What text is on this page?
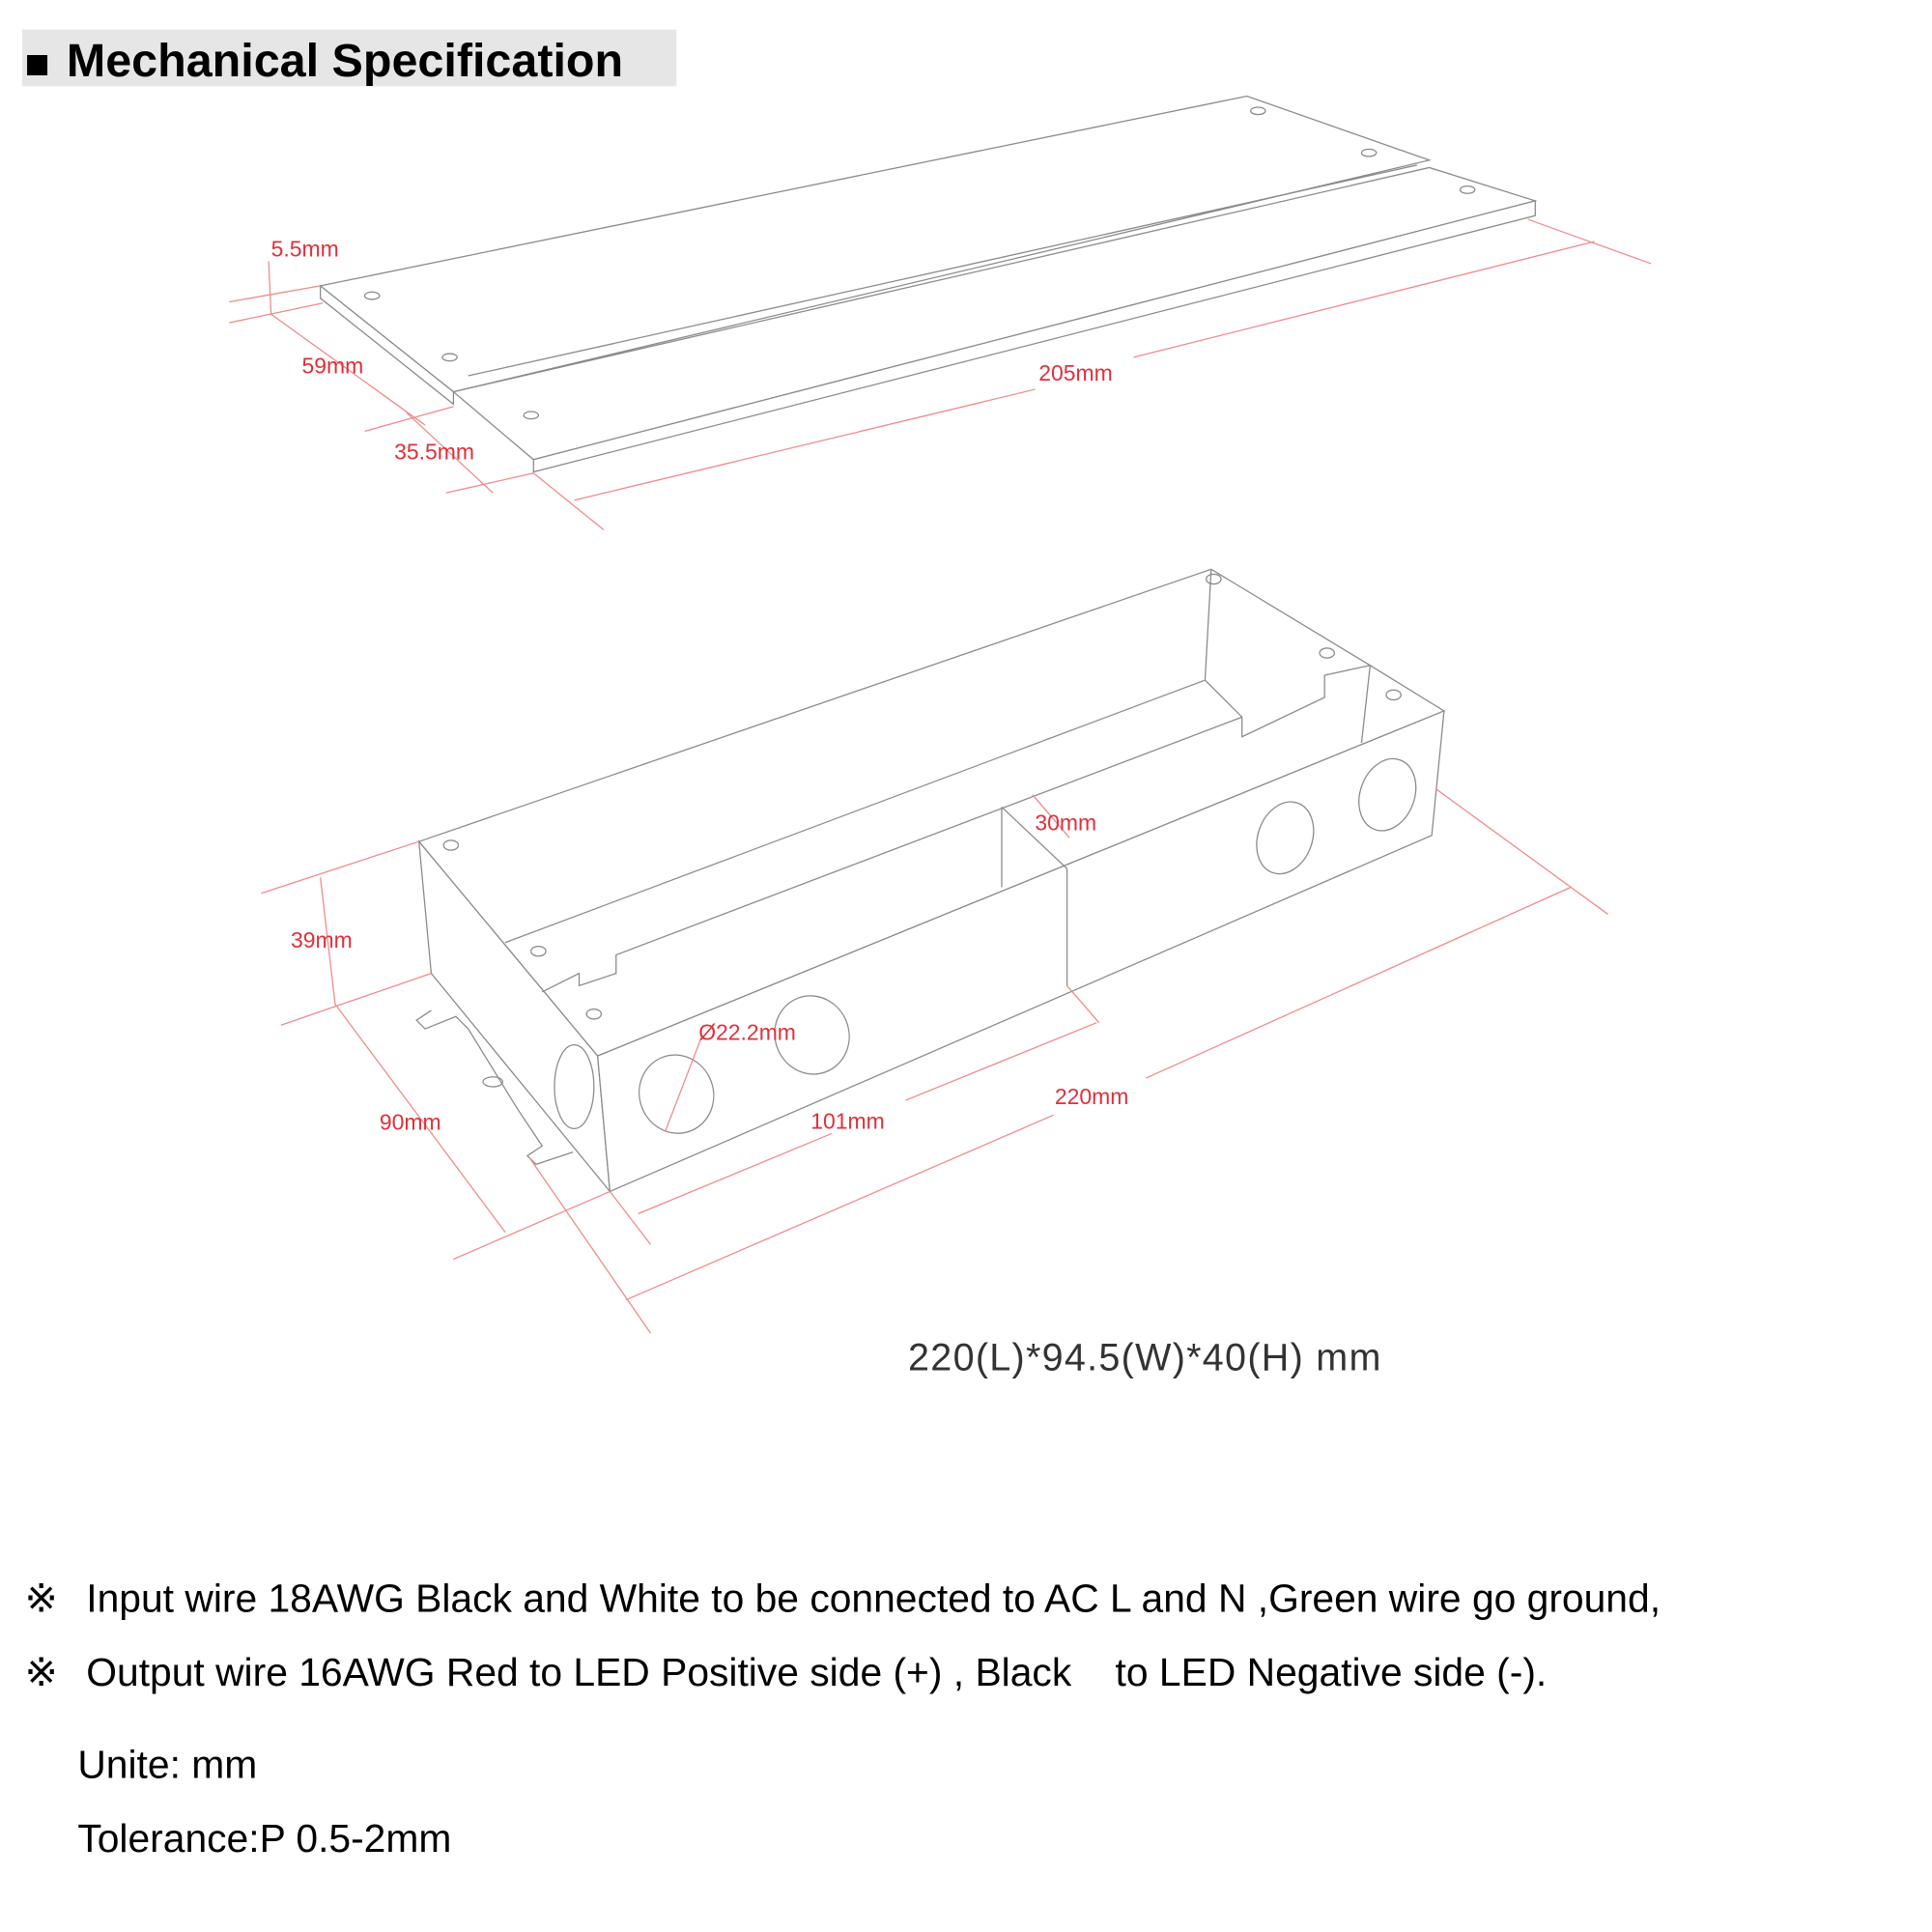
■ Mechanical Specification
5.5mm
59mm
35.5mm
205mm
39mm
90mm
Ø22.2mm
30mm
101mm
220mm
220(L)*94.5(W)*40(H) mm
※ Input wire 18AWG Black and White to be connected to AC L and N ,Green wire go ground,
※ Output wire 16AWG Red to LED Positive side (+) , Black    to LED Negative side (-).
Unite: mm
Tolerance:P 0.5-2mm
